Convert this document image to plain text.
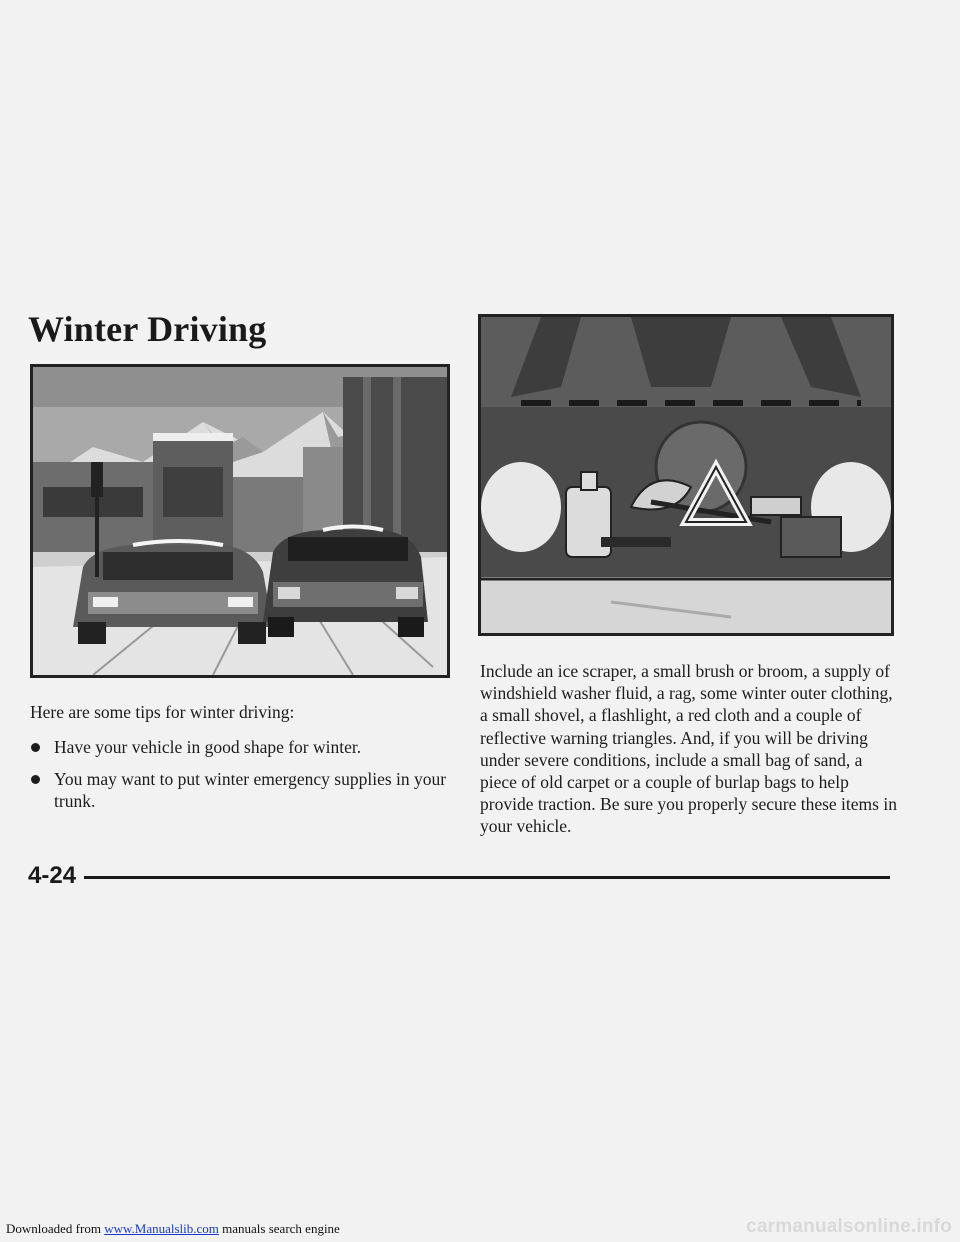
Winter Driving

Here are some tips for winter driving:

Have your vehicle in good shape for winter.
You may want to put winter emergency supplies in your trunk.

Include an ice scraper, a small brush or broom, a supply of windshield washer fluid, a rag, some winter outer clothing, a small shovel, a flashlight, a red cloth and a couple of reflective warning triangles. And, if you will be driving under severe conditions, include a small bag of sand, a piece of old carpet or a couple of burlap bags to help provide traction. Be sure you properly secure these items in your vehicle.

4-24

Downloaded from www.Manualslib.com manuals search engine	carmanualsonline.info
